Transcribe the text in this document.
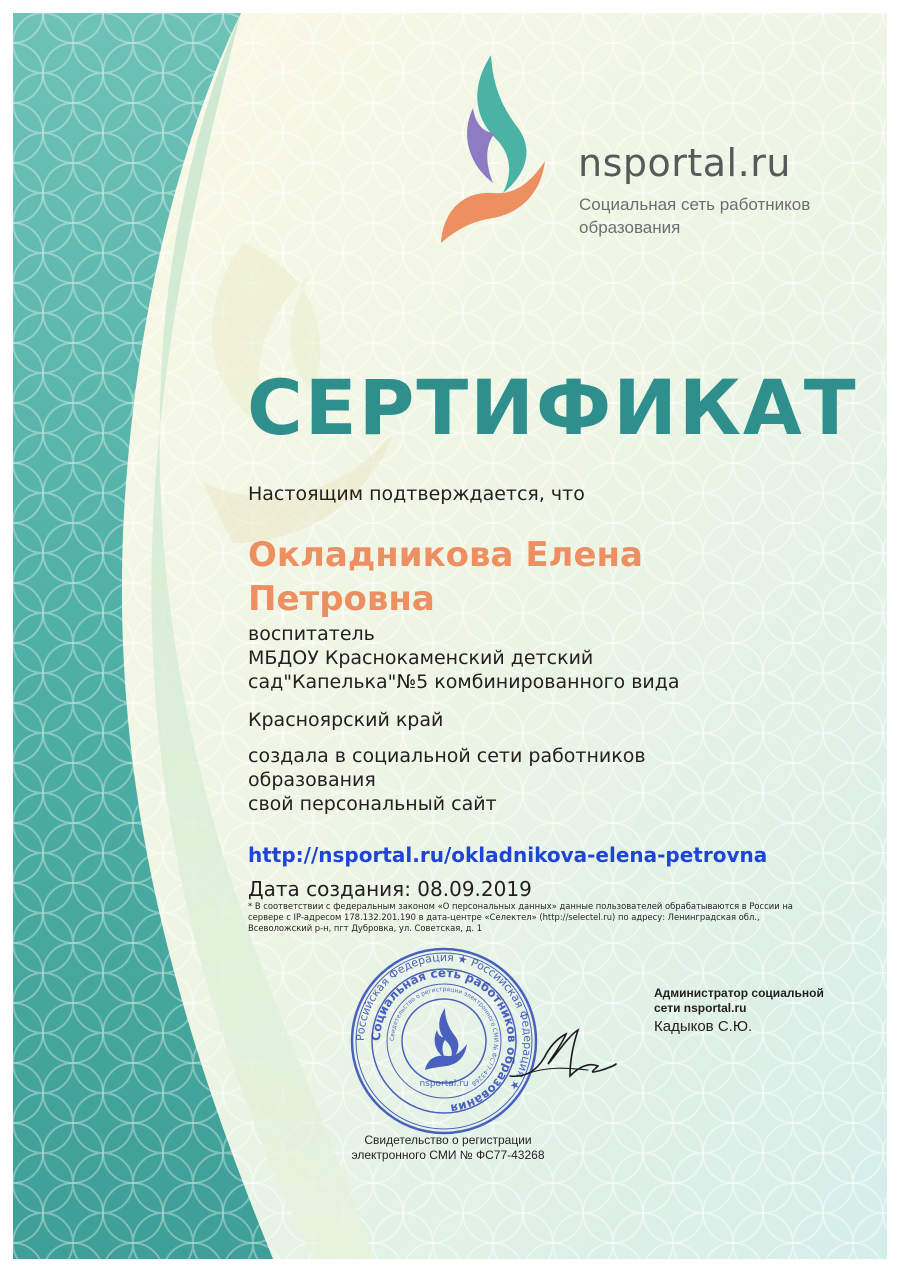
nsportal.ru
Социальная сеть работников
образования
СЕРТИФИКАТ
Настоящим подтверждается, что
Окладникова Елена
Петровна
воспитатель
МБДОУ Краснокаменский детский
сад"Капелька"№5 комбинированного вида
Красноярский край
создала в социальной сети работников
образования
свой персональный сайт
http://nsportal.ru/okladnikova-elena-petrovna
Дата создания: 08.09.2019
* В соответствии с федеральным законом «О персональных данных» данные пользователей обрабатываются в России на сервере с IP-адресом 178.132.201.190 в дата-центре «Селектел» (http://selectel.ru) по адресу: Ленинградская обл., Всеволожский р-н, пгт Дубровка, ул. Советская, д. 1
Российская Федерация ★ Российская Федерация ★
Социальная сеть работников образования
Свидетельство о регистрации электронного СМИ № ФС77-43268
nsportal.ru
Администратор социальной
сети nsportal.ru
Кадыков С.Ю.
Свидетельство о регистрации
электронного СМИ № ФС77-43268
